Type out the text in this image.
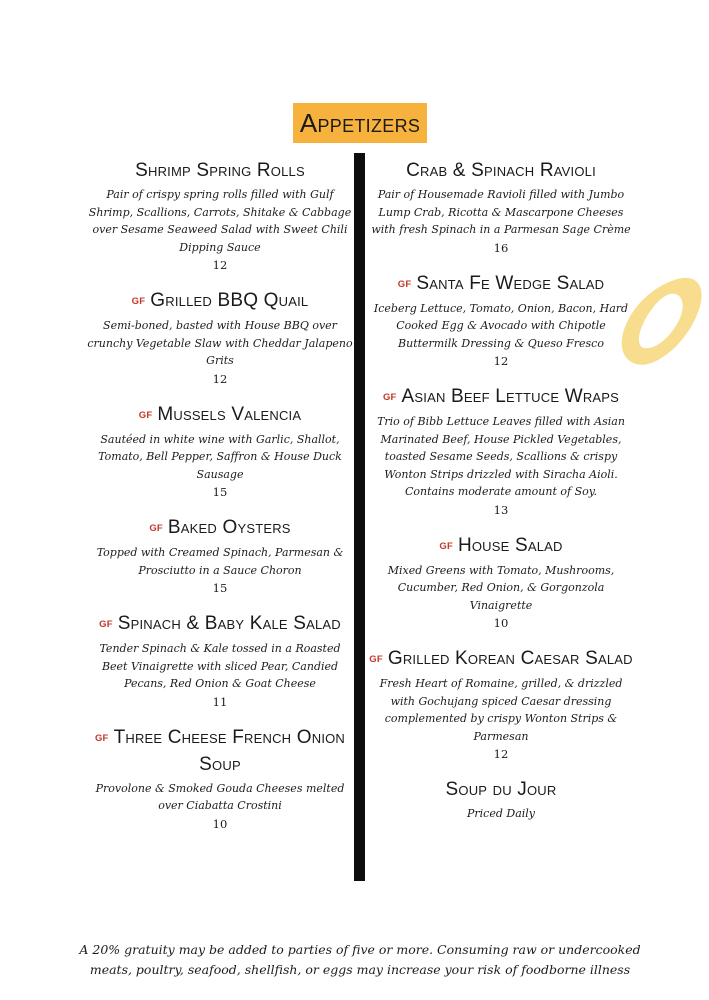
Appetizers
Shrimp Spring Rolls
Pair of crispy spring rolls filled with Gulf Shrimp, Scallions, Carrots, Shitake & Cabbage over Sesame Seaweed Salad with Sweet Chili Dipping Sauce
12
GF Grilled BBQ Quail
Semi-boned, basted with House BBQ over crunchy Vegetable Slaw with Cheddar Jalapeno Grits
12
GF Mussels Valencia
Sautéed in white wine with Garlic, Shallot, Tomato, Bell Pepper, Saffron & House Duck Sausage
15
GF Baked Oysters
Topped with Creamed Spinach, Parmesan & Prosciutto in a Sauce Choron
15
GF Spinach & Baby Kale Salad
Tender Spinach & Kale tossed in a Roasted Beet Vinaigrette with sliced Pear, Candied Pecans, Red Onion & Goat Cheese
11
GF Three Cheese French Onion Soup
Provolone & Smoked Gouda Cheeses melted over Ciabatta Crostini
10
Crab & Spinach Ravioli
Pair of Housemade Ravioli filled with Jumbo Lump Crab, Ricotta & Mascarpone Cheeses with fresh Spinach in a Parmesan Sage Crème
16
GF Santa Fe Wedge Salad
Iceberg Lettuce, Tomato, Onion, Bacon, Hard Cooked Egg & Avocado with Chipotle Buttermilk Dressing & Queso Fresco
12
GF Asian Beef Lettuce Wraps
Trio of Bibb Lettuce Leaves filled with Asian Marinated Beef, House Pickled Vegetables, toasted Sesame Seeds, Scallions & crispy Wonton Strips drizzled with Siracha Aioli. Contains moderate amount of Soy.
13
GF House Salad
Mixed Greens with Tomato, Mushrooms, Cucumber, Red Onion, & Gorgonzola Vinaigrette
10
GF Grilled Korean Caesar Salad
Fresh Heart of Romaine, grilled, & drizzled with Gochujang spiced Caesar dressing complemented by crispy Wonton Strips & Parmesan
12
Soup du Jour
Priced Daily
A 20% gratuity may be added to parties of five or more. Consuming raw or undercooked
meats, poultry, seafood, shellfish, or eggs may increase your risk of foodborne illness
